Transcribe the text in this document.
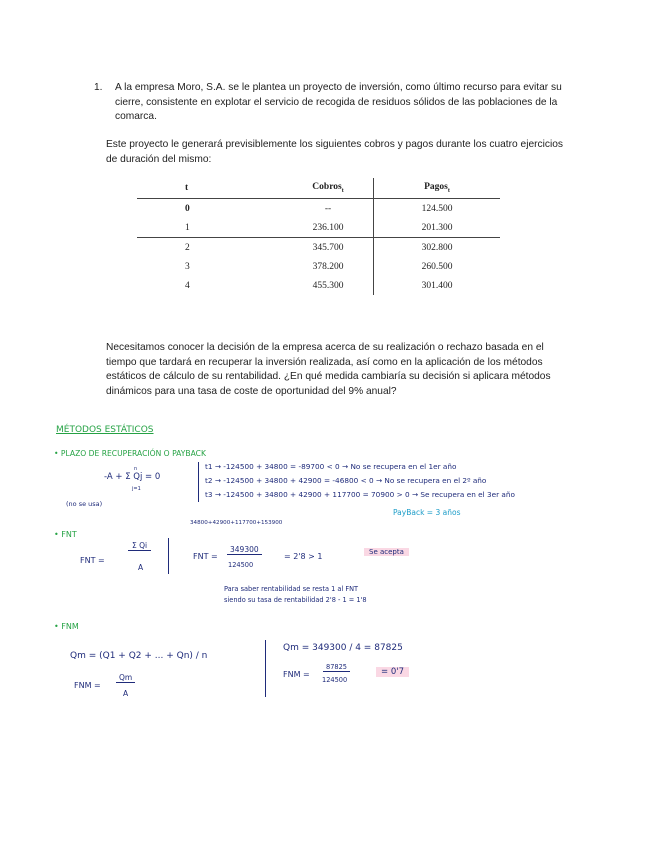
1. A la empresa Moro, S.A. se le plantea un proyecto de inversión, como último recurso para evitar su cierre, consistente en explotar el servicio de recogida de residuos sólidos de las poblaciones de la comarca.
Este proyecto le generará previsiblemente los siguientes cobros y pagos durante los cuatro ejercicios de duración del mismo:
t	Cobros$_t$	Pagos$_t$
0	--	124.500
1	236.100	201.300
2	345.700	302.800
3	378.200	260.500
4	455.300	301.400
Necesitamos conocer la decisión de la empresa acerca de su realización o rechazo basada en el tiempo que tardará en recuperar la inversión realizada, así como en la aplicación de los métodos estáticos de cálculo de su rentabilidad. ¿En qué medida cambiaría su decisión si aplicara métodos dinámicos para una tasa de coste de oportunidad del 9% anual?
MÉTODOS ESTÁTICOS
• PLAZO DE RECUPERACIÓN O PAYBACK
-A + Σ Qj = 0
n
j=1
(no se usa)
t1 → -124500 + 34800 = -89700 < 0 → No se recupera en el 1er año
t2 → -124500 + 34800 + 42900 = -46800 < 0 → No se recupera en el 2º año
t3 → -124500 + 34800 + 42900 + 117700 = 70900 > 0 → Se recupera en el 3er año
PayBack = 3 años
• FNT
FNT =
Σ Qi
A
34800+42900+117700+153900
FNT =
349300
124500
= 2'8 > 1	Se acepta
Para saber rentabilidad se resta 1 al FNT
siendo su tasa de rentabilidad 2'8 - 1 = 1'8
• FNM
Qm = (Q1 + Q2 + ... + Qn) / n
FNM =
Qm
A
Qm = 349300 / 4 = 87825
FNM =
87825
124500
= 0'7
